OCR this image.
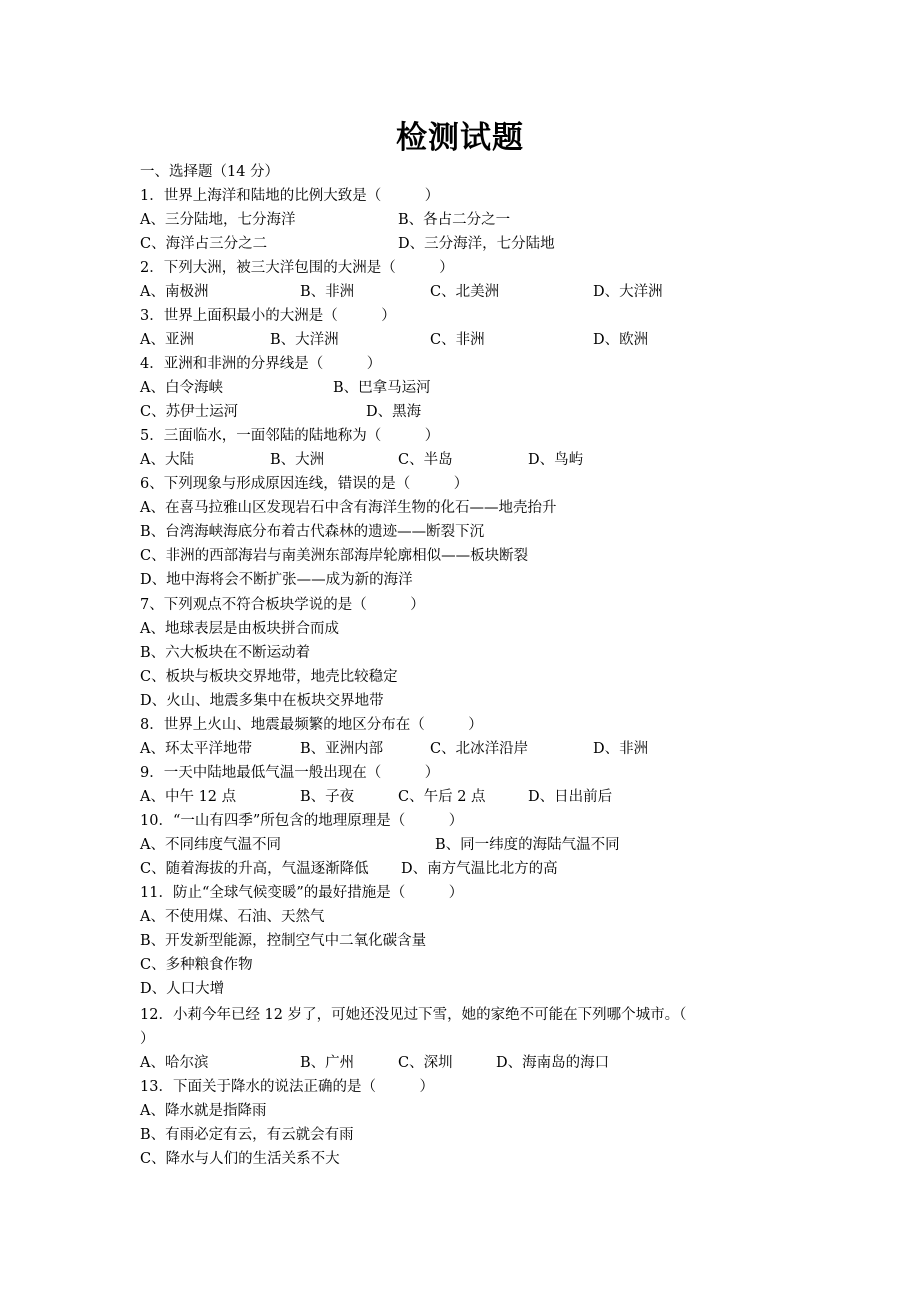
检测试题
一、选择题（14 分）
1．世界上海洋和陆地的比例大致是（　　　）
A、三分陆地，七分海洋	B、各占二分之一
C、海洋占三分之二	D、三分海洋，七分陆地
2．下列大洲，被三大洋包围的大洲是（　　　）
A、南极洲	B、非洲	C、北美洲	D、大洋洲
3．世界上面积最小的大洲是（　　　）
A、亚洲	B、大洋洲	C、非洲	D、欧洲
4．亚洲和非洲的分界线是（　　　）
A、白令海峡	B、巴拿马运河
C、苏伊士运河	D、黑海
5．三面临水，一面邻陆的陆地称为（　　　）
A、大陆	B、大洲	C、半岛	D、鸟屿
6、下列现象与形成原因连线，错误的是（　　　）
A、在喜马拉雅山区发现岩石中含有海洋生物的化石——地壳抬升
B、台湾海峡海底分布着古代森林的遗迹——断裂下沉
C、非洲的西部海岩与南美洲东部海岸轮廓相似——板块断裂
D、地中海将会不断扩张——成为新的海洋
7、下列观点不符合板块学说的是（　　　）
A、地球表层是由板块拼合而成
B、六大板块在不断运动着
C、板块与板块交界地带，地壳比较稳定
D、火山、地震多集中在板块交界地带
8．世界上火山、地震最频繁的地区分布在（　　　）
A、环太平洋地带	B、亚洲内部	C、北冰洋沿岸	D、非洲
9．一天中陆地最低气温一般出现在（　　　）
A、中午 12 点	B、子夜	C、午后 2 点	D、日出前后
10．“一山有四季”所包含的地理原理是（　　　）
A、不同纬度气温不同	B、同一纬度的海陆气温不同
C、随着海拔的升高，气温逐渐降低 D、南方气温比北方的高
11．防止“全球气候变暖”的最好措施是（　　　）
A、不使用煤、石油、天然气
B、开发新型能源，控制空气中二氧化碳含量
C、多种粮食作物
D、人口大增
12．小莉今年已经 12 岁了，可她还没见过下雪，她的家绝不可能在下列哪个城市。（
）
A、哈尔滨	B、广州	C、深圳	D、海南岛的海口
13．下面关于降水的说法正确的是（　　　）
A、降水就是指降雨
B、有雨必定有云，有云就会有雨
C、降水与人们的生活关系不大
